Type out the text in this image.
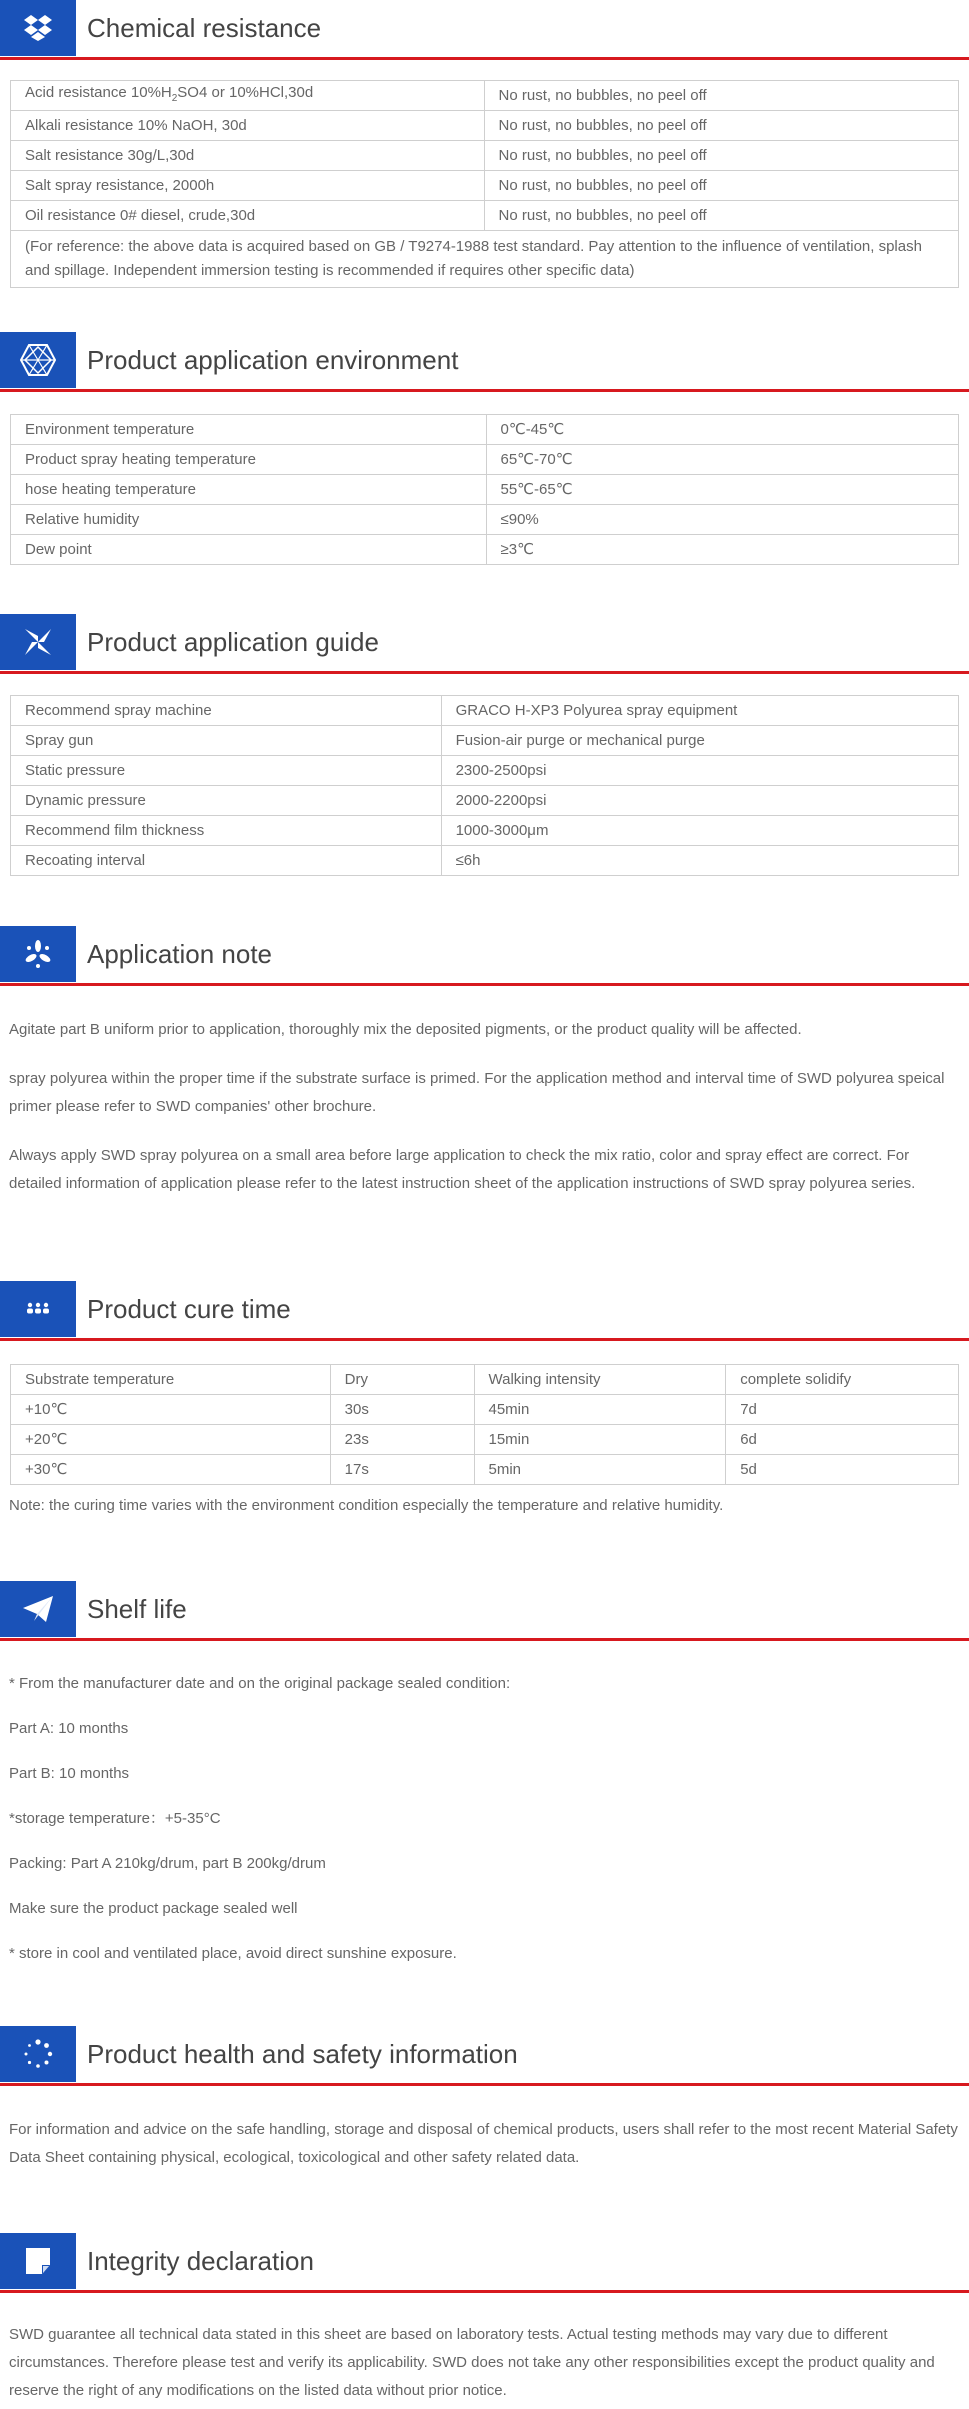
Chemical resistance
Acid resistance $10\%H_2SO4$ or 10%HCl,30d	No rust, no bubbles, no peel off
Alkali resistance 10% NaOH, 30d	No rust, no bubbles, no peel off
Salt resistance 30g/L,30d	No rust, no bubbles, no peel off
Salt spray resistance, 2000h	No rust, no bubbles, no peel off
Oil resistance 0# diesel, crude,30d	No rust, no bubbles, no peel off
(For reference: the above data is acquired based on GB / T9274-1988 test standard. Pay attention to the influence of ventilation, splash and spillage. Independent immersion testing is recommended if requires other specific data)	
Product application environment
Environment temperature	0℃-45℃
Product spray heating temperature	65℃-70℃
hose heating temperature	55℃-65℃
Relative humidity	≤90%
Dew point	≥3℃
Product application guide
Recommend spray machine	GRACO H-XP3 Polyurea spray equipment
Spray gun	Fusion-air purge or mechanical purge
Static pressure	2300-2500psi
Dynamic pressure	2000-2200psi
Recommend film thickness	1000-3000μm
Recoating interval	≤6h
Application note
Agitate part B uniform prior to application, thoroughly mix the deposited pigments, or the product quality will be affected.
spray polyurea within the proper time if the substrate surface is primed. For the application method and interval time of SWD polyurea speical primer please refer to SWD companies' other brochure.
Always apply SWD spray polyurea on a small area before large application to check the mix ratio, color and spray effect are correct. For detailed information of application please refer to the latest instruction sheet of the application instructions of SWD spray polyurea series.
Product cure time
Substrate temperature	Dry	Walking intensity	complete solidify
+10℃	30s	45min	7d
+20℃	23s	15min	6d
+30℃	17s	5min	5d
Note: the curing time varies with the environment condition especially the temperature and relative humidity.
Shelf life
* From the manufacturer date and on the original package sealed condition:
Part A: 10 months
Part B: 10 months
*storage temperature：+5-35°C
Packing: Part A 210kg/drum, part B 200kg/drum
Make sure the product package sealed well
* store in cool and ventilated place, avoid direct sunshine exposure.
Product health and safety information
For information and advice on the safe handling, storage and disposal of chemical products, users shall refer to the most recent Material Safety Data Sheet containing physical, ecological, toxicological and other safety related data.
Integrity declaration
SWD guarantee all technical data stated in this sheet are based on laboratory tests. Actual testing methods may vary due to different circumstances. Therefore please test and verify its applicability. SWD does not take any other responsibilities except the product quality and reserve the right of any modifications on the listed data without prior notice.
